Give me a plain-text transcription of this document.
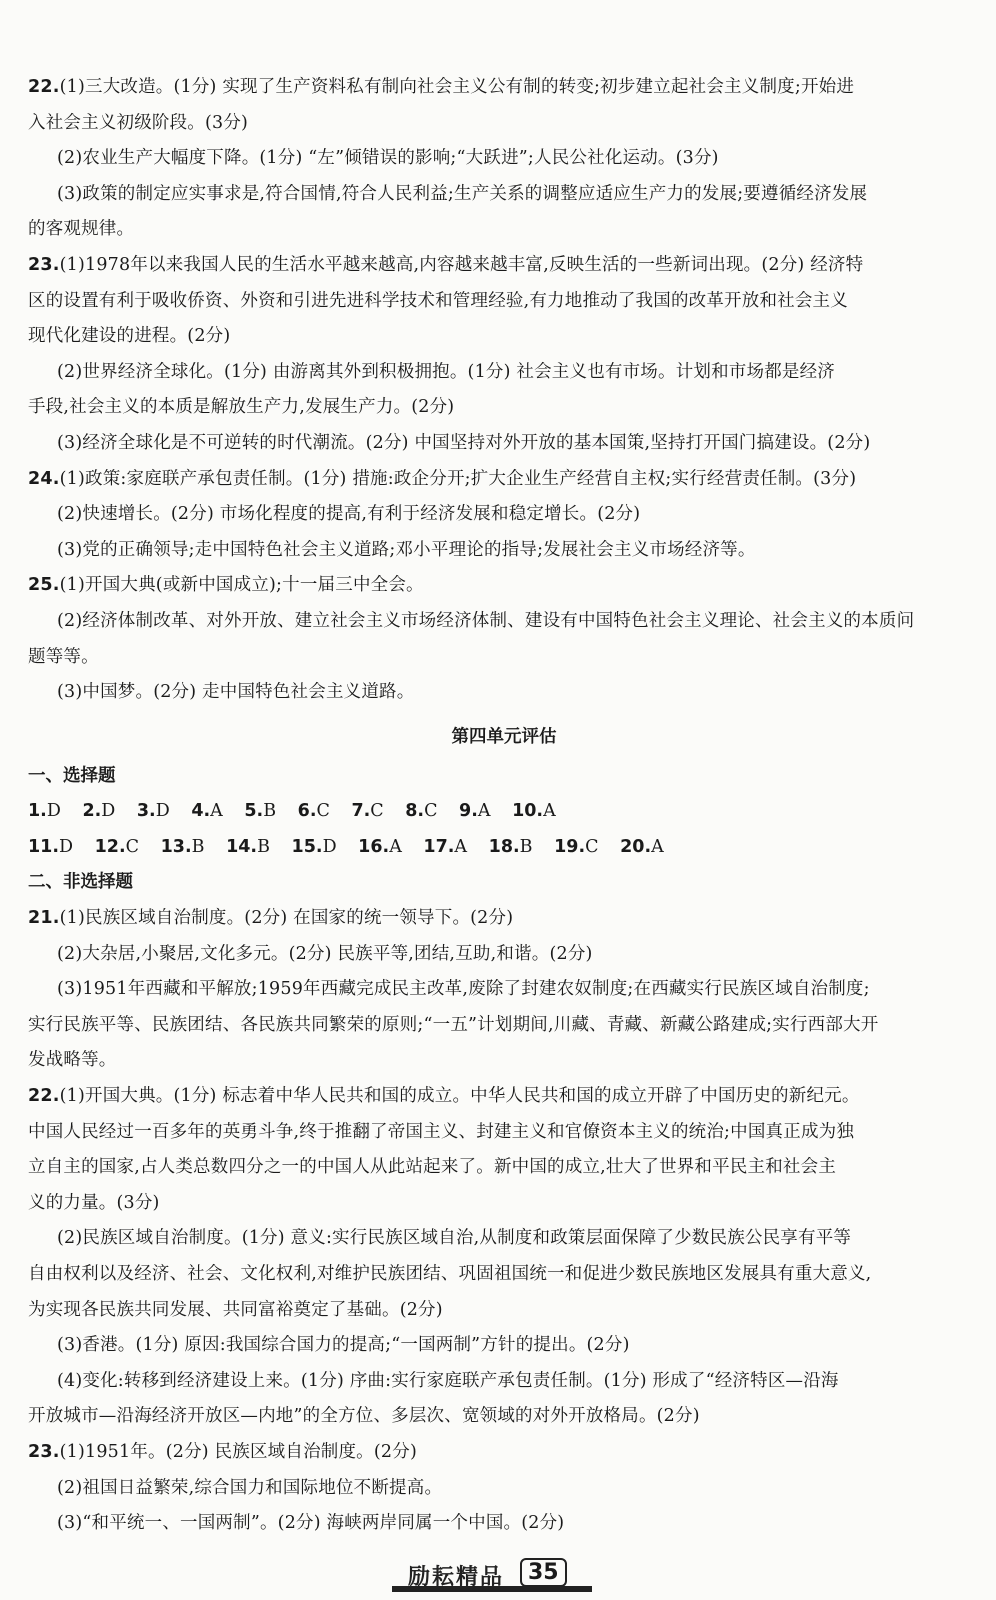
22.(1)三大改造。(1分) 实现了生产资料私有制向社会主义公有制的转变;初步建立起社会主义制度;开始进

入社会主义初级阶段。(3分)

(2)农业生产大幅度下降。(1分) “左”倾错误的影响;“大跃进”;人民公社化运动。(3分)

(3)政策的制定应实事求是,符合国情,符合人民利益;生产关系的调整应适应生产力的发展;要遵循经济发展

的客观规律。

23.(1)1978年以来我国人民的生活水平越来越高,内容越来越丰富,反映生活的一些新词出现。(2分) 经济特

区的设置有利于吸收侨资、外资和引进先进科学技术和管理经验,有力地推动了我国的改革开放和社会主义

现代化建设的进程。(2分)

(2)世界经济全球化。(1分) 由游离其外到积极拥抱。(1分) 社会主义也有市场。计划和市场都是经济

手段,社会主义的本质是解放生产力,发展生产力。(2分)

(3)经济全球化是不可逆转的时代潮流。(2分) 中国坚持对外开放的基本国策,坚持打开国门搞建设。(2分)

24.(1)政策:家庭联产承包责任制。(1分) 措施:政企分开;扩大企业生产经营自主权;实行经营责任制。(3分)

(2)快速增长。(2分) 市场化程度的提高,有利于经济发展和稳定增长。(2分)

(3)党的正确领导;走中国特色社会主义道路;邓小平理论的指导;发展社会主义市场经济等。

25.(1)开国大典(或新中国成立);十一届三中全会。

(2)经济体制改革、对外开放、建立社会主义市场经济体制、建设有中国特色社会主义理论、社会主义的本质问

题等等。

(3)中国梦。(2分) 走中国特色社会主义道路。

第四单元评估
一、选择题
1.D 2.D 3.D 4.A 5.B 6.C 7.C 8.C 9.A 10.A
11.D 12.C 13.B 14.B 15.D 16.A 17.A 18.B 19.C 20.A
二、非选择题

21.(1)民族区域自治制度。(2分) 在国家的统一领导下。(2分)

(2)大杂居,小聚居,文化多元。(2分) 民族平等,团结,互助,和谐。(2分)

(3)1951年西藏和平解放;1959年西藏完成民主改革,废除了封建农奴制度;在西藏实行民族区域自治制度;

实行民族平等、民族团结、各民族共同繁荣的原则;“一五”计划期间,川藏、青藏、新藏公路建成;实行西部大开

发战略等。

22.(1)开国大典。(1分) 标志着中华人民共和国的成立。中华人民共和国的成立开辟了中国历史的新纪元。

中国人民经过一百多年的英勇斗争,终于推翻了帝国主义、封建主义和官僚资本主义的统治;中国真正成为独

立自主的国家,占人类总数四分之一的中国人从此站起来了。新中国的成立,壮大了世界和平民主和社会主

义的力量。(3分)

(2)民族区域自治制度。(1分) 意义:实行民族区域自治,从制度和政策层面保障了少数民族公民享有平等

自由权利以及经济、社会、文化权利,对维护民族团结、巩固祖国统一和促进少数民族地区发展具有重大意义,

为实现各民族共同发展、共同富裕奠定了基础。(2分)

(3)香港。(1分) 原因:我国综合国力的提高;“一国两制”方针的提出。(2分)

(4)变化:转移到经济建设上来。(1分) 序曲:实行家庭联产承包责任制。(1分) 形成了“经济特区—沿海

开放城市—沿海经济开放区—内地”的全方位、多层次、宽领域的对外开放格局。(2分)

23.(1)1951年。(2分) 民族区域自治制度。(2分)

(2)祖国日益繁荣,综合国力和国际地位不断提高。

(3)“和平统一、一国两制”。(2分) 海峡两岸同属一个中国。(2分)

励耘精品	35
